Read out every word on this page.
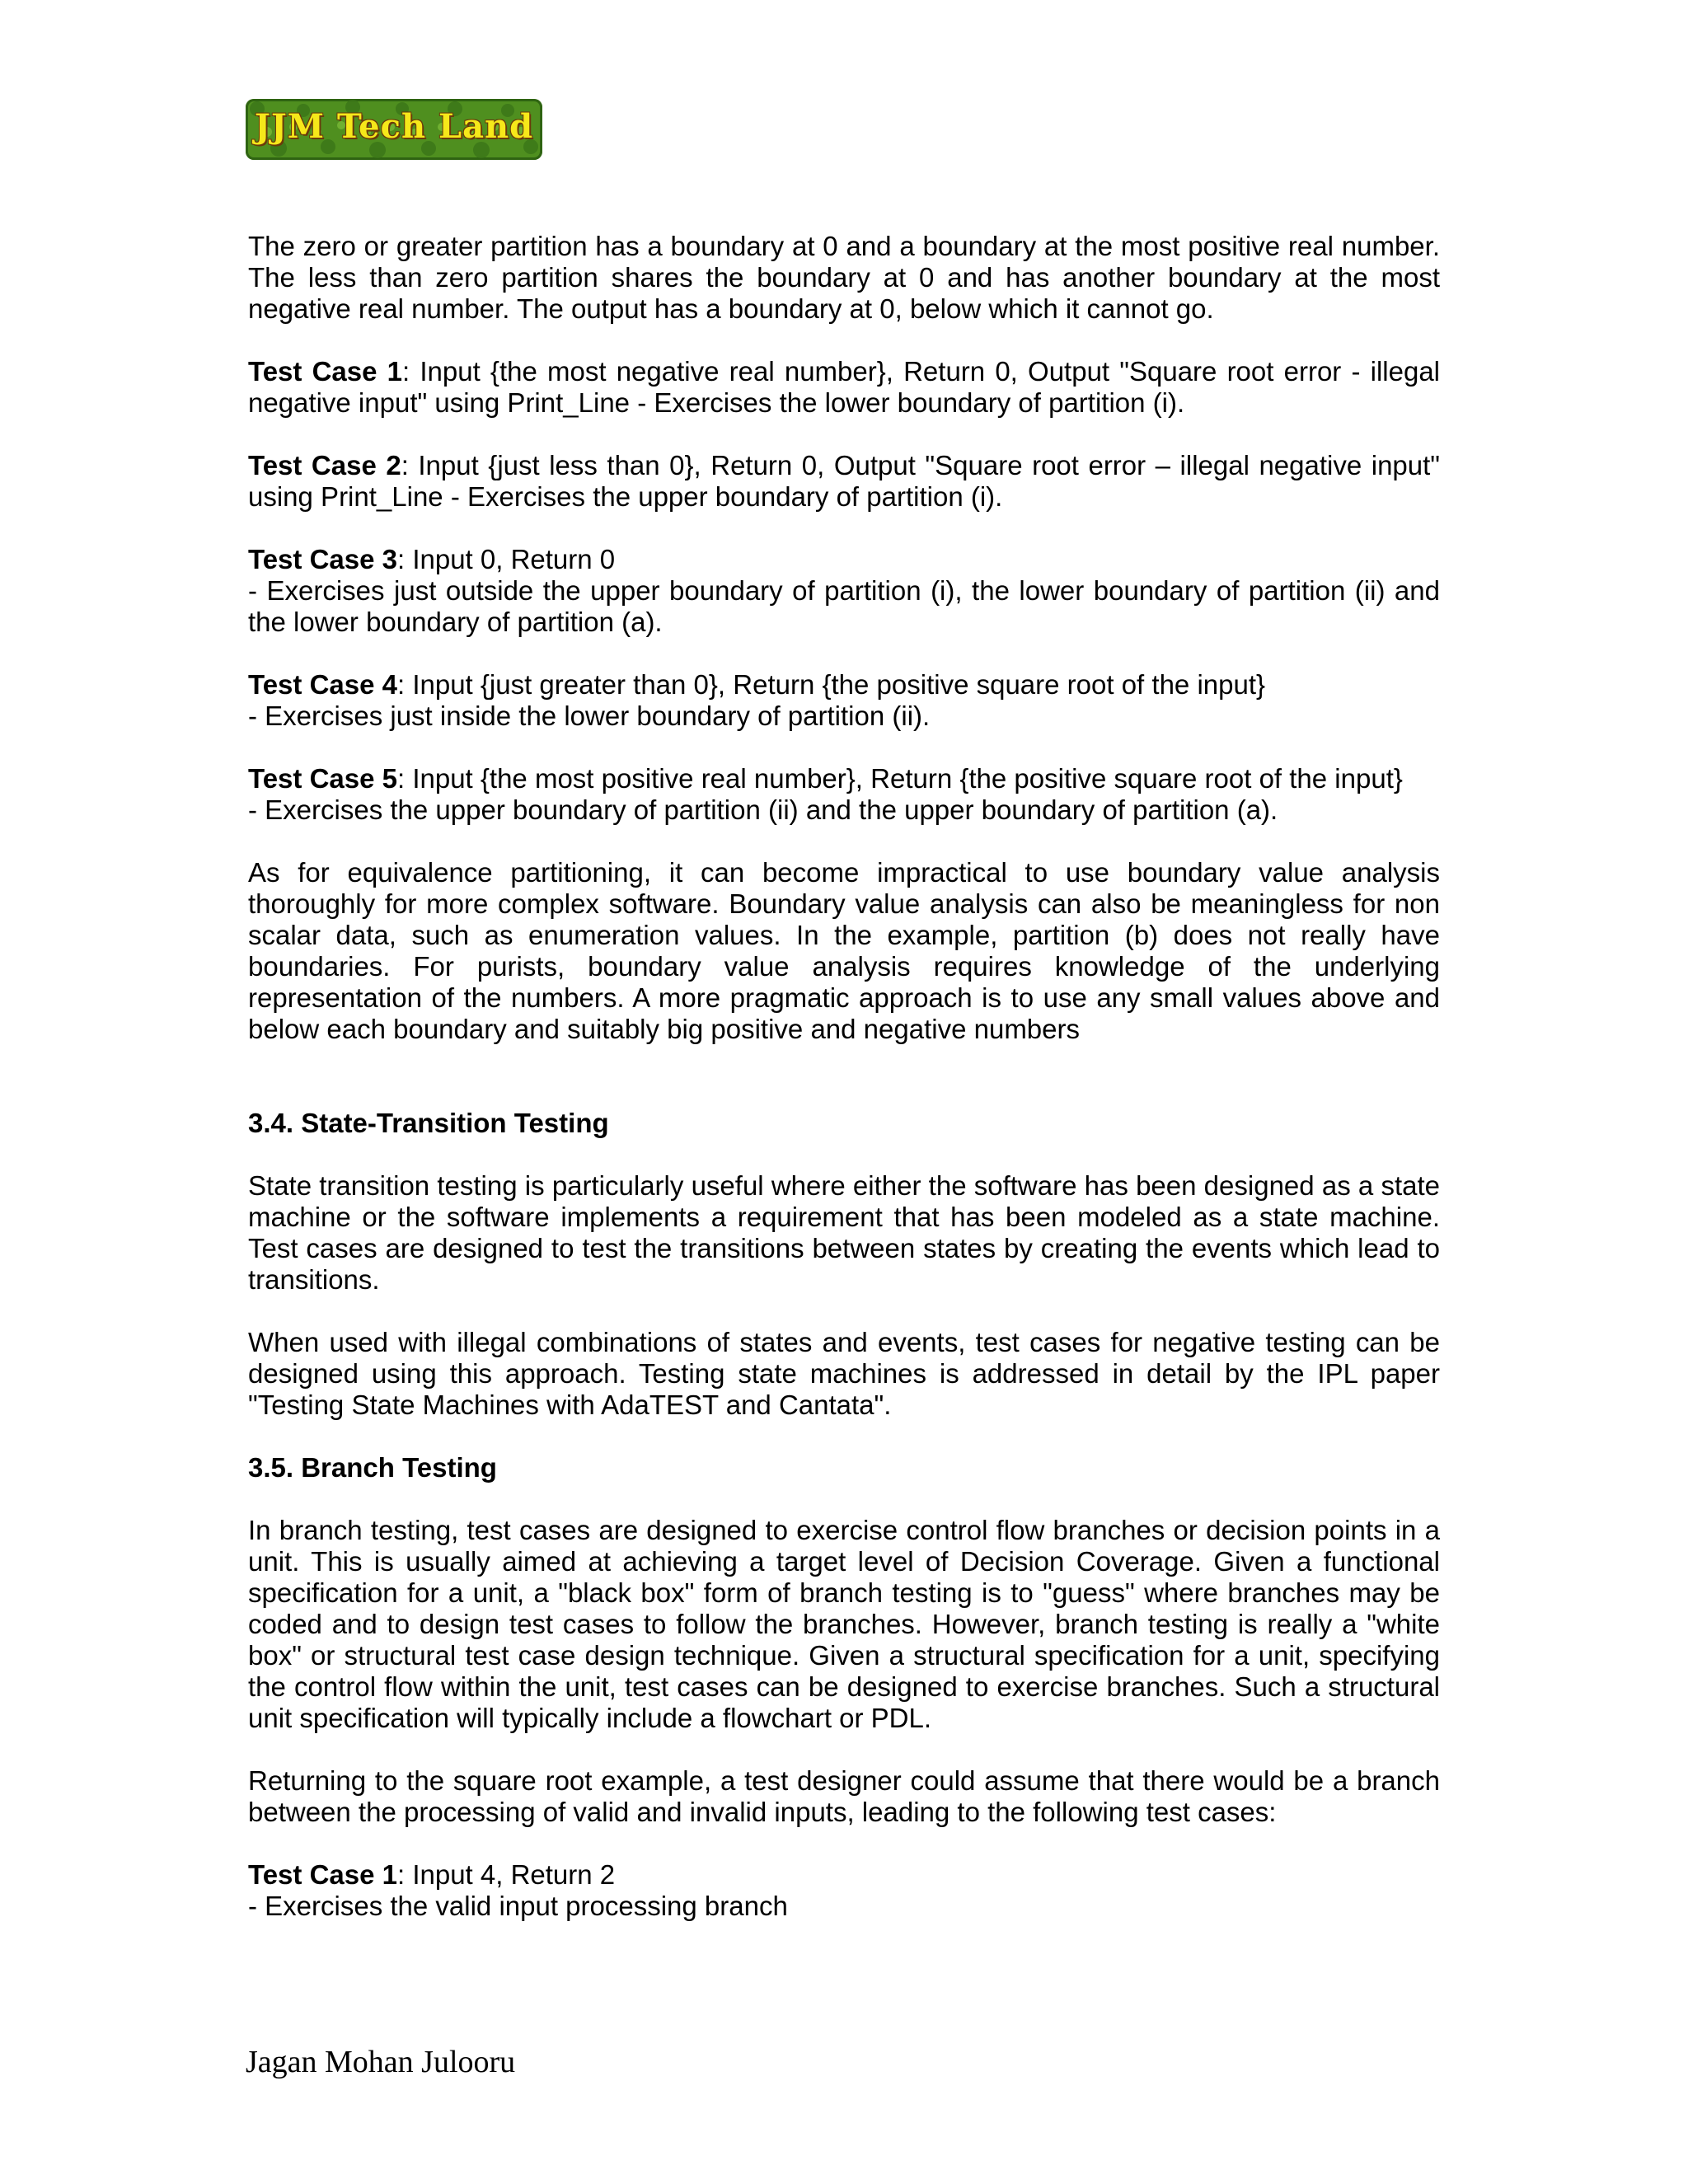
JJM Tech Land

The zero or greater partition has a boundary at 0 and a boundary at the most positive real number. The less than zero partition shares the boundary at 0 and has another boundary at the most negative real number. The output has a boundary at 0, below which it cannot go.

Test Case 1: Input {the most negative real number}, Return 0, Output "Square root error - illegal negative input" using Print_Line - Exercises the lower boundary of partition (i).

Test Case 2: Input {just less than 0}, Return 0, Output "Square root error – illegal negative input" using Print_Line - Exercises the upper boundary of partition (i).

Test Case 3: Input 0, Return 0
- Exercises just outside the upper boundary of partition (i), the lower boundary of partition (ii) and the lower boundary of partition (a).

Test Case 4: Input {just greater than 0}, Return {the positive square root of the input}
- Exercises just inside the lower boundary of partition (ii).

Test Case 5: Input {the most positive real number}, Return {the positive square root of the input}
- Exercises the upper boundary of partition (ii) and the upper boundary of partition (a).

As for equivalence partitioning, it can become impractical to use boundary value analysis thoroughly for more complex software. Boundary value analysis can also be meaningless for non scalar data, such as enumeration values. In the example, partition (b) does not really have boundaries. For purists, boundary value analysis requires knowledge of the underlying representation of the numbers. A more pragmatic approach is to use any small values above and below each boundary and suitably big positive and negative numbers

3.4. State-Transition Testing

State transition testing is particularly useful where either the software has been designed as a state machine or the software implements a requirement that has been modeled as a state machine. Test cases are designed to test the transitions between states by creating the events which lead to transitions.

When used with illegal combinations of states and events, test cases for negative testing can be designed using this approach. Testing state machines is addressed in detail by the IPL paper "Testing State Machines with AdaTEST and Cantata".

3.5. Branch Testing

In branch testing, test cases are designed to exercise control flow branches or decision points in a unit. This is usually aimed at achieving a target level of Decision Coverage. Given a functional specification for a unit, a "black box" form of branch testing is to "guess" where branches may be coded and to design test cases to follow the branches. However, branch testing is really a "white box" or structural test case design technique. Given a structural specification for a unit, specifying the control flow within the unit, test cases can be designed to exercise branches. Such a structural unit specification will typically include a flowchart or PDL.

Returning to the square root example, a test designer could assume that there would be a branch between the processing of valid and invalid inputs, leading to the following test cases:

Test Case 1: Input 4, Return 2
- Exercises the valid input processing branch

Jagan Mohan Julooru
